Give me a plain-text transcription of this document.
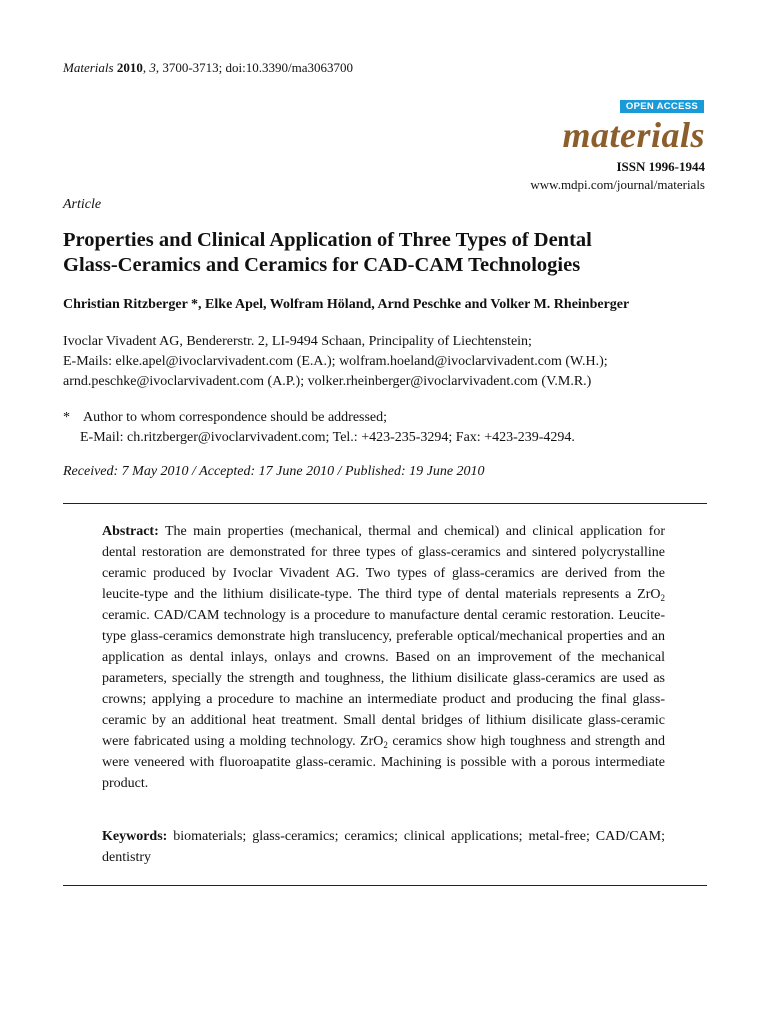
Materials 2010, 3, 3700-3713; doi:10.3390/ma3063700
OPEN ACCESS
materials
ISSN 1996-1944
www.mdpi.com/journal/materials
Article
Properties and Clinical Application of Three Types of Dental
Glass-Ceramics and Ceramics for CAD-CAM Technologies
Christian Ritzberger *, Elke Apel, Wolfram Höland, Arnd Peschke and Volker M. Rheinberger
Ivoclar Vivadent AG, Bendererstr. 2, LI-9494 Schaan, Principality of Liechtenstein;
E-Mails: elke.apel@ivoclarvivadent.com (E.A.); wolfram.hoeland@ivoclarvivadent.com (W.H.);
arnd.peschke@ivoclarvivadent.com (A.P.); volker.rheinberger@ivoclarvivadent.com (V.M.R.)
* Author to whom correspondence should be addressed;
E-Mail: ch.ritzberger@ivoclarvivadent.com; Tel.: +423-235-3294; Fax: +423-239-4294.
Received: 7 May 2010 / Accepted: 17 June 2010 / Published: 19 June 2010
Abstract: The main properties (mechanical, thermal and chemical) and clinical application for dental restoration are demonstrated for three types of glass-ceramics and sintered polycrystalline ceramic produced by Ivoclar Vivadent AG. Two types of glass-ceramics are derived from the leucite-type and the lithium disilicate-type. The third type of dental materials represents a ZrO$_2$ ceramic. CAD/CAM technology is a procedure to manufacture dental ceramic restoration. Leucite-type glass-ceramics demonstrate high translucency, preferable optical/mechanical properties and an application as dental inlays, onlays and crowns. Based on an improvement of the mechanical parameters, specially the strength and toughness, the lithium disilicate glass-ceramics are used as crowns; applying a procedure to machine an intermediate product and producing the final glass-ceramic by an additional heat treatment. Small dental bridges of lithium disilicate glass-ceramic were fabricated using a molding technology. ZrO$_2$ ceramics show high toughness and strength and were veneered with fluoroapatite glass-ceramic. Machining is possible with a porous intermediate product.
Keywords: biomaterials; glass-ceramics; ceramics; clinical applications; metal-free; CAD/CAM; dentistry
